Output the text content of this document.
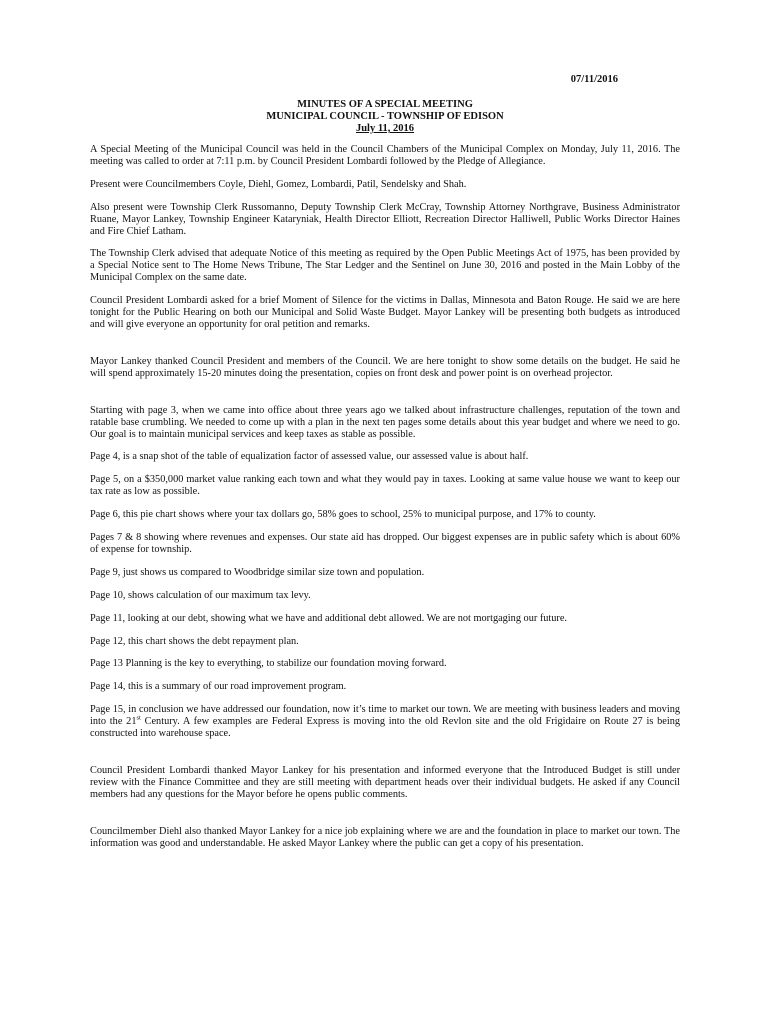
07/11/2016
MINUTES OF A SPECIAL MEETING
MUNICIPAL COUNCIL - TOWNSHIP OF EDISON
July 11, 2016

A Special Meeting of the Municipal Council was held in the Council Chambers of the Municipal Complex on Monday, July 11, 2016. The meeting was called to order at 7:11 p.m. by Council President Lombardi followed by the Pledge of Allegiance.

Present were Councilmembers Coyle, Diehl, Gomez, Lombardi, Patil, Sendelsky and Shah.

Also present were Township Clerk Russomanno, Deputy Township Clerk McCray, Township Attorney Northgrave, Business Administrator Ruane, Mayor Lankey, Township Engineer Kataryniak, Health Director Elliott, Recreation Director Halliwell, Public Works Director Haines and Fire Chief Latham.

The Township Clerk advised that adequate Notice of this meeting as required by the Open Public Meetings Act of 1975, has been provided by a Special Notice sent to The Home News Tribune, The Star Ledger and the Sentinel on June 30, 2016 and posted in the Main Lobby of the Municipal Complex on the same date.

Council President Lombardi asked for a brief Moment of Silence for the victims in Dallas, Minnesota and Baton Rouge. He said we are here tonight for the Public Hearing on both our Municipal and Solid Waste Budget. Mayor Lankey will be presenting both budgets as introduced and will give everyone an opportunity for oral petition and remarks.

Mayor Lankey thanked Council President and members of the Council. We are here tonight to show some details on the budget. He said he will spend approximately 15-20 minutes doing the presentation, copies on front desk and power point is on overhead projector.

Starting with page 3, when we came into office about three years ago we talked about infrastructure challenges, reputation of the town and ratable base crumbling. We needed to come up with a plan in the next ten pages some details about this year budget and where we need to go. Our goal is to maintain municipal services and keep taxes as stable as possible.

Page 4, is a snap shot of the table of equalization factor of assessed value, our assessed value is about half.

Page 5, on a $350,000 market value ranking each town and what they would pay in taxes. Looking at same value house we want to keep our tax rate as low as possible.

Page 6, this pie chart shows where your tax dollars go, 58% goes to school, 25% to municipal purpose, and 17% to county.

Pages 7 & 8 showing where revenues and expenses. Our state aid has dropped. Our biggest expenses are in public safety which is about 60% of expense for township.

Page 9, just shows us compared to Woodbridge similar size town and population.

Page 10, shows calculation of our maximum tax levy.

Page 11, looking at our debt, showing what we have and additional debt allowed. We are not mortgaging our future.

Page 12, this chart shows the debt repayment plan.

Page 13 Planning is the key to everything, to stabilize our foundation moving forward.

Page 14, this is a summary of our road improvement program.

Page 15, in conclusion we have addressed our foundation, now it’s time to market our town. We are meeting with business leaders and moving into the 21st Century. A few examples are Federal Express is moving into the old Revlon site and the old Frigidaire on Route 27 is being constructed into warehouse space.

Council President Lombardi thanked Mayor Lankey for his presentation and informed everyone that the Introduced Budget is still under review with the Finance Committee and they are still meeting with department heads over their individual budgets. He asked if any Council members had any questions for the Mayor before he opens public comments.

Councilmember Diehl also thanked Mayor Lankey for a nice job explaining where we are and the foundation in place to market our town. The information was good and understandable. He asked Mayor Lankey where the public can get a copy of his presentation.
